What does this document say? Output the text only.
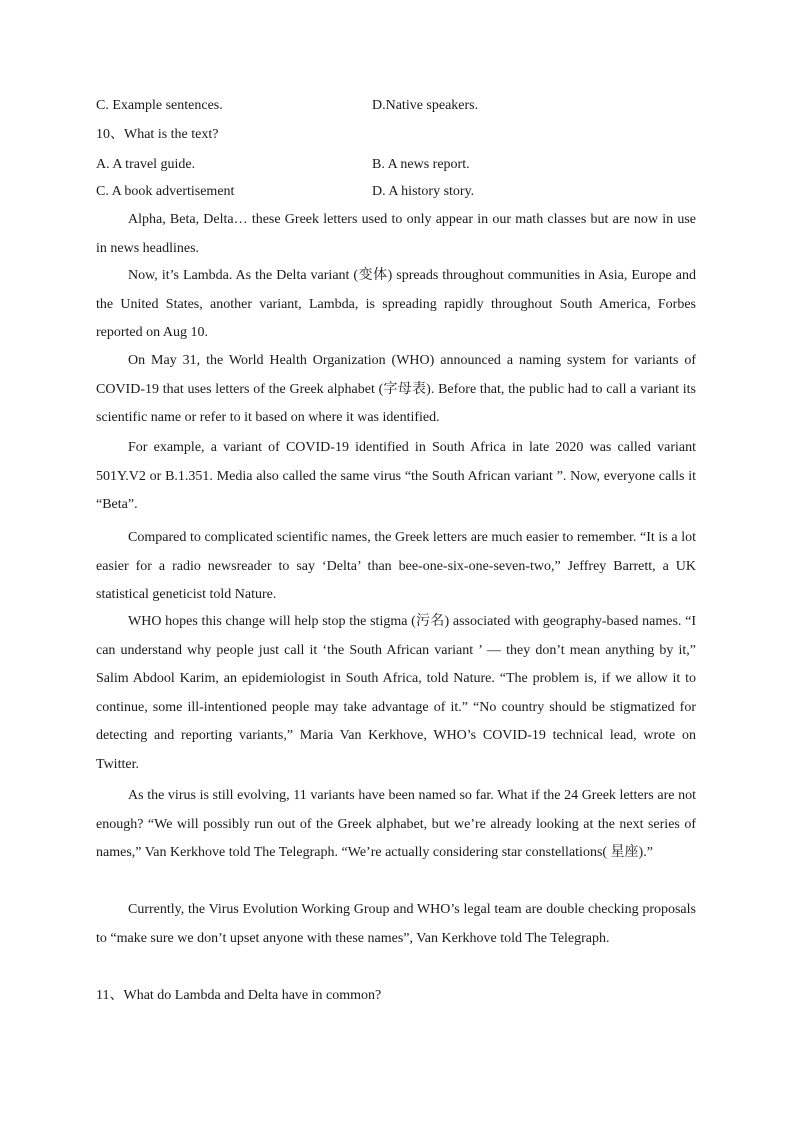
C. Example sentences.	D.Native speakers.
10、What is the text?
A. A travel guide.	B. A news report.
C. A book advertisement	D. A history story.

Alpha, Beta, Delta… these Greek letters used to only appear in our math classes but are now in use in news headlines.

Now, it’s Lambda. As the Delta variant (变体) spreads throughout communities in Asia, Europe and the United States, another variant, Lambda, is spreading rapidly throughout South America, Forbes reported on Aug 10.

On May 31, the World Health Organization (WHO) announced a naming system for variants of COVID-19 that uses letters of the Greek alphabet (字母表). Before that, the public had to call a variant its scientific name or refer to it based on where it was identified.

For example, a variant of COVID-19 identified in South Africa in late 2020 was called variant 501Y.V2 or B.1.351. Media also called the same virus “the South African variant ”. Now, everyone calls it “Beta”.

Compared to complicated scientific names, the Greek letters are much easier to remember. “It is a lot easier for a radio newsreader to say ‘Delta’ than bee-one-six-one-seven-two,” Jeffrey Barrett, a UK statistical geneticist told Nature.

WHO hopes this change will help stop the stigma (污名) associated with geography-based names. “I can understand why people just call it ‘the South African variant ’ — they don’t mean anything by it,” Salim Abdool Karim, an epidemiologist in South Africa, told Nature. “The problem is, if we allow it to continue, some ill-intentioned people may take advantage of it.” “No country should be stigmatized for detecting and reporting variants,” Maria Van Kerkhove, WHO’s COVID-19 technical lead, wrote on Twitter.

As the virus is still evolving, 11 variants have been named so far. What if the 24 Greek letters are not enough? “We will possibly run out of the Greek alphabet, but we’re already looking at the next series of names,” Van Kerkhove told The Telegraph. “We’re actually considering star constellations( 星座).”

Currently, the Virus Evolution Working Group and WHO’s legal team are double checking proposals to “make sure we don’t upset anyone with these names”, Van Kerkhove told The Telegraph.

11、What do Lambda and Delta have in common?
